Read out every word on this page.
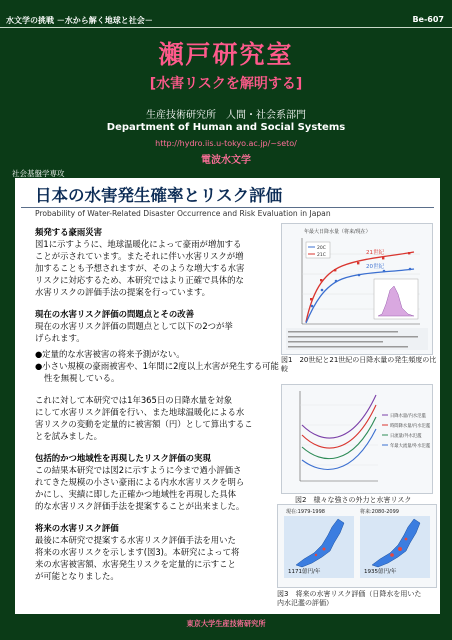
水文学の挑戦 －水から解く地球と社会－	Be-607
瀬戸研究室
[水害リスクを解明する]
生産技術研究所　人間・社会系部門
Department of Human and Social Systems
http://hydro.iis.u-tokyo.ac.jp/~seto/
電波水文学
社会基盤学専攻
日本の水害発生確率とリスク評価
Probability of Water-Related Disaster Occurrence and Risk Evaluation in Japan

頻発する豪雨災害

図1に示すように、地球温暖化によって豪雨が増加する

ことが示されています。またそれに伴い水害リスクが増

加することも予想されますが、そのような増大する水害

リスクに対応するため、本研究ではより正確で具体的な

水害リスクの評価手法の提案を行っています。

現在の水害リスク評価の問題点とその改善

現在の水害リスク評価の問題点として以下の2つが挙

げられます。

●定量的な水害被害の将来予測がない。

●小さい規模の豪雨被害や、1年間に2度以上水害が発生する可能性を無視している。

これに対して本研究では1年365日の日降水量を対象

にして水害リスク評価を行い、また地球温暖化による水

害リスクの変動を定量的に被害額（円）として算出するこ

とを試みました。

包括的かつ地域性を再現したリスク評価の実現

この結果本研究では図2に示すように今まで過小評価さ

れてきた規模の小さい豪雨による内水水害リスクを明ら

かにし、実績に即した正確かつ地域性を再現した具体

的な水害リスク評価手法を提案することが出来ました。

将来の水害リスク評価

最後に本研究で提案する水害リスク評価手法を用いた

将来の水害リスクを示します(図3)。本研究によって将

来の水害被害額、水害発生リスクを定量的に示すこと

が可能となりました。

年最大日降水量（将来/現在）
21世紀
20世紀
20C
21C
図1　20世紀と21世紀の日降水量の発生頻度の比較
日降水量/内水氾濫
時間降水量/内水氾濫
日流量/外水氾濫
年最大流量/外水氾濫
図2　様々な強さの外力と水害リスク
現在:1979-1998	将来:2080-2099
1171億円/年	1935億円/年
図3　将来の水害リスク評価（日降水を用いた
内水氾濫の評価）
東京大学生産技術研究所
